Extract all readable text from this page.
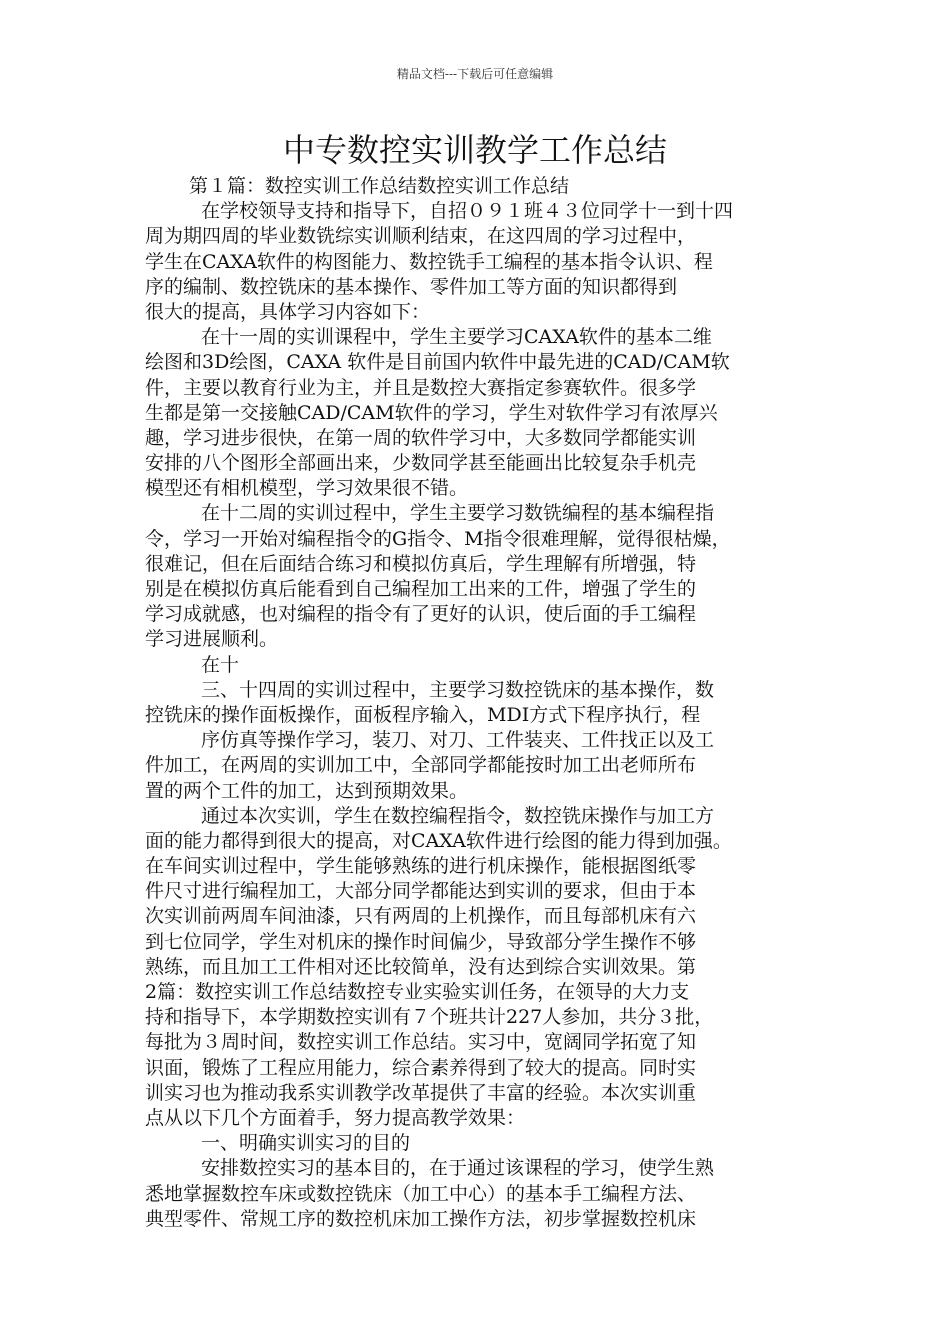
精品文档---下载后可任意编辑
中专数控实训教学工作总结
第１篇：数控实训工作总结数控实训工作总结
在学校领导支持和指导下，自招０９１班４３位同学十一到十四
周为期四周的毕业数铣综实训顺利结束，在这四周的学习过程中，
学生在CAXA软件的构图能力、数控铣手工编程的基本指令认识、程
序的编制、数控铣床的基本操作、零件加工等方面的知识都得到
很大的提高，具体学习内容如下：
在十一周的实训课程中，学生主要学习CAXA软件的基本二维
绘图和3D绘图，CAXA 软件是目前国内软件中最先进的CAD/CAM软
件，主要以教育行业为主，并且是数控大赛指定参赛软件。很多学
生都是第一交接触CAD/CAM软件的学习，学生对软件学习有浓厚兴
趣，学习进步很快，在第一周的软件学习中，大多数同学都能实训
安排的八个图形全部画出来，少数同学甚至能画出比较复杂手机壳
模型还有相机模型，学习效果很不错。
在十二周的实训过程中，学生主要学习数铣编程的基本编程指
令，学习一开始对编程指令的G指令、M指令很难理解，觉得很枯燥，
很难记，但在后面结合练习和模拟仿真后，学生理解有所增强，特
别是在模拟仿真后能看到自己编程加工出来的工件，增强了学生的
学习成就感，也对编程的指令有了更好的认识，使后面的手工编程
学习进展顺利。
在十
三、十四周的实训过程中，主要学习数控铣床的基本操作，数
控铣床的操作面板操作，面板程序输入，MDI方式下程序执行，程
序仿真等操作学习，装刀、对刀、工件装夹、工件找正以及工
件加工，在两周的实训加工中，全部同学都能按时加工出老师所布
置的两个工件的加工，达到预期效果。
通过本次实训，学生在数控编程指令，数控铣床操作与加工方
面的能力都得到很大的提高，对CAXA软件进行绘图的能力得到加强。
在车间实训过程中，学生能够熟练的进行机床操作，能根据图纸零
件尺寸进行编程加工，大部分同学都能达到实训的要求，但由于本
次实训前两周车间油漆，只有两周的上机操作，而且每部机床有六
到七位同学，学生对机床的操作时间偏少，导致部分学生操作不够
熟练，而且加工工件相对还比较简单，没有达到综合实训效果。第
2篇：数控实训工作总结数控专业实验实训任务，在领导的大力支
持和指导下，本学期数控实训有７个班共计227人参加，共分３批，
每批为３周时间，数控实训工作总结。实习中，宽阔同学拓宽了知
识面，锻炼了工程应用能力，综合素养得到了较大的提高。同时实
训实习也为推动我系实训教学改革提供了丰富的经验。本次实训重
点从以下几个方面着手，努力提高教学效果：
一、明确实训实习的目的
安排数控实习的基本目的，在于通过该课程的学习，使学生熟
悉地掌握数控车床或数控铣床（加工中心）的基本手工编程方法、
典型零件、常规工序的数控机床加工操作方法，初步掌握数控机床
